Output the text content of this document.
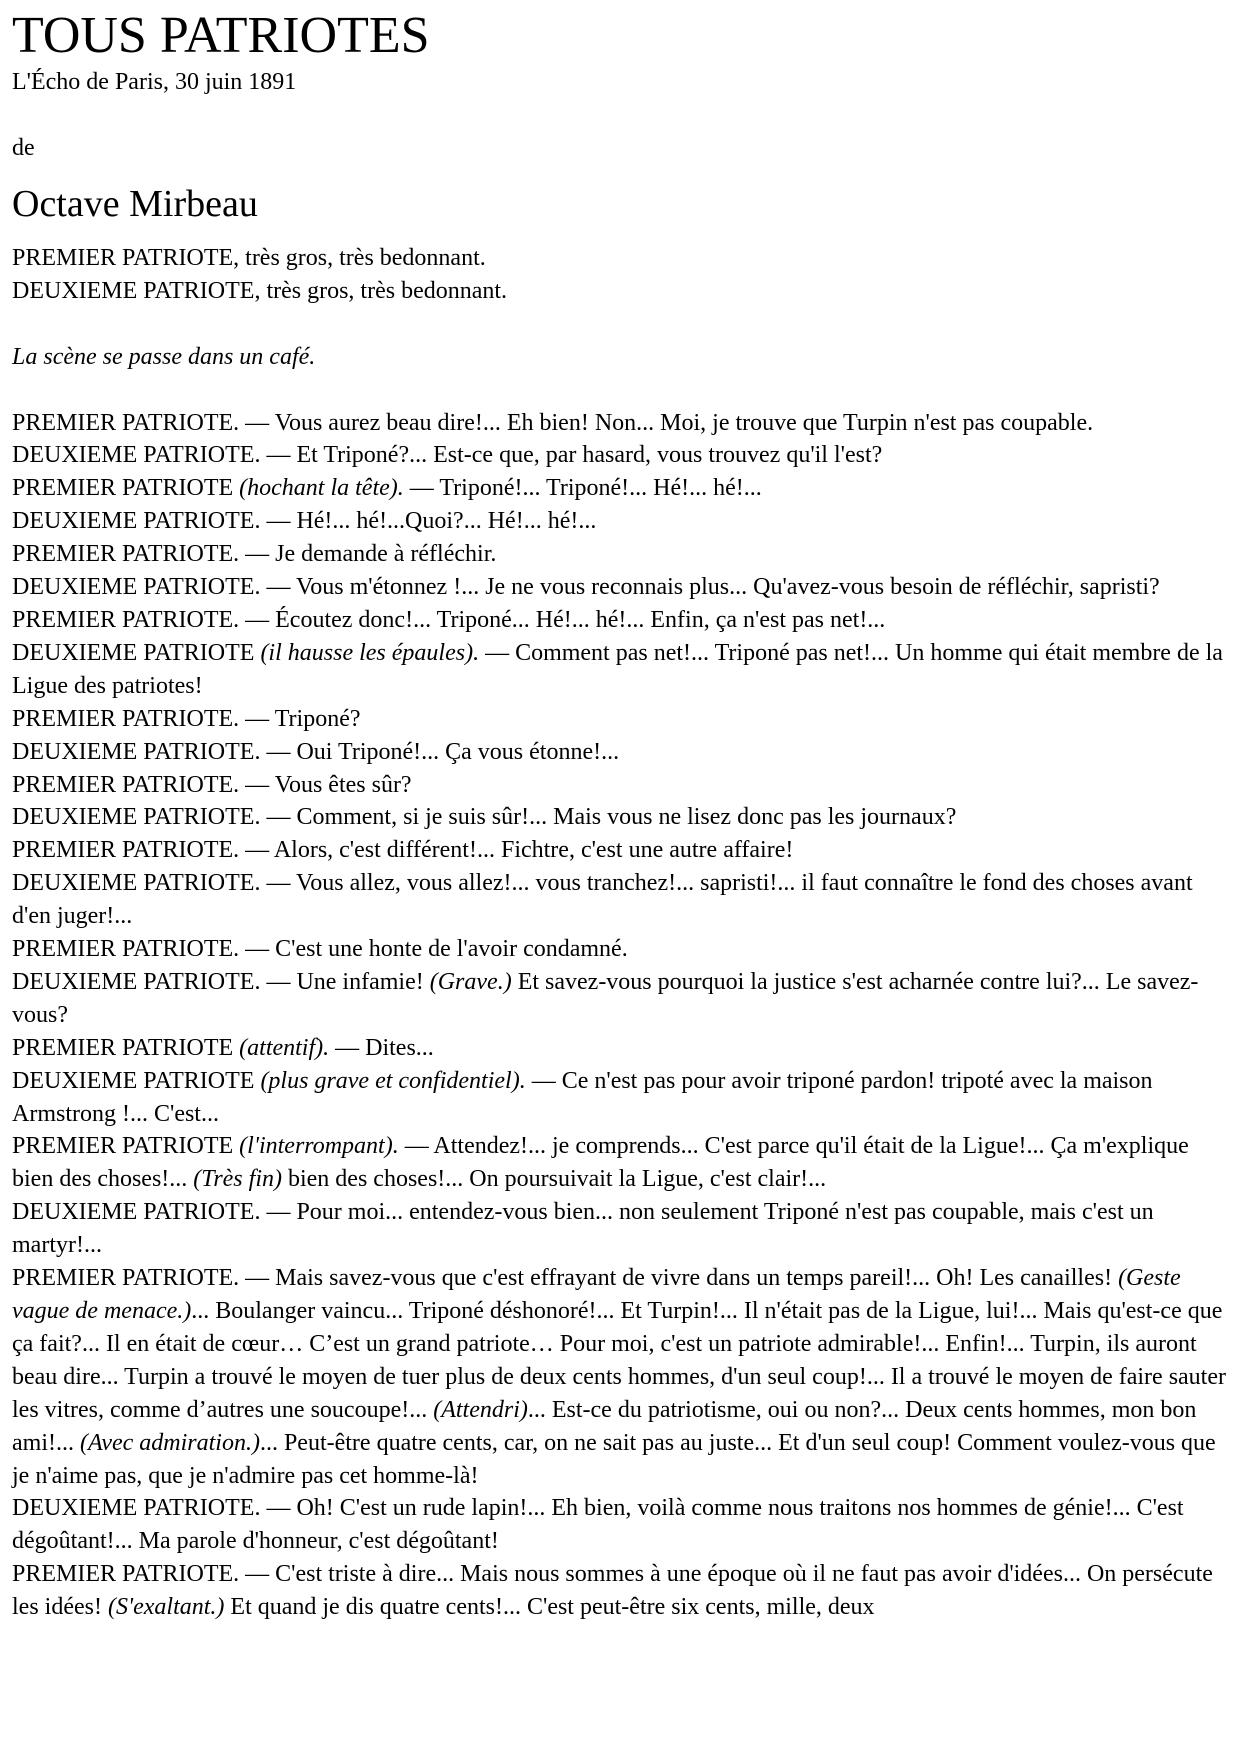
TOUS PATRIOTES
L'Écho de Paris, 30 juin 1891
de
Octave Mirbeau
PREMIER PATRIOTE, très gros, très bedonnant.
DEUXIEME PATRIOTE, très gros, très bedonnant.
La scène se passe dans un café.
PREMIER PATRIOTE. — Vous aurez beau dire!... Eh bien! Non... Moi, je trouve que Turpin n'est pas coupable.
DEUXIEME PATRIOTE. — Et Triponé?... Est-ce que, par hasard, vous trouvez qu'il l'est?
PREMIER PATRIOTE (hochant la tête). — Triponé!... Triponé!... Hé!... hé!...
DEUXIEME PATRIOTE. — Hé!... hé!...Quoi?... Hé!... hé!...
PREMIER PATRIOTE. — Je demande à réfléchir.
DEUXIEME PATRIOTE. — Vous m'étonnez !... Je ne vous reconnais plus... Qu'avez-vous besoin de réfléchir, sapristi?
PREMIER PATRIOTE. — Écoutez donc!... Triponé... Hé!... hé!... Enfin, ça n'est pas net!...
DEUXIEME PATRIOTE (il hausse les épaules). — Comment pas net!... Triponé pas net!... Un homme qui était membre de la Ligue des patriotes!
PREMIER PATRIOTE. — Triponé?
DEUXIEME PATRIOTE. — Oui Triponé!... Ça vous étonne!...
PREMIER PATRIOTE. — Vous êtes sûr?
DEUXIEME PATRIOTE. — Comment, si je suis sûr!... Mais vous ne lisez donc pas les journaux?
PREMIER PATRIOTE. — Alors, c'est différent!... Fichtre, c'est une autre affaire!
DEUXIEME PATRIOTE. — Vous allez, vous allez!... vous tranchez!... sapristi!... il faut connaître le fond des choses avant d'en juger!...
PREMIER PATRIOTE. — C'est une honte de l'avoir condamné.
DEUXIEME PATRIOTE. — Une infamie! (Grave.) Et savez-vous pourquoi la justice s'est acharnée contre lui?... Le savez-vous?
PREMIER PATRIOTE (attentif). — Dites...
DEUXIEME PATRIOTE (plus grave et confidentiel). — Ce n'est pas pour avoir triponé pardon! tripoté avec la maison Armstrong !... C'est...
PREMIER PATRIOTE (l'interrompant). — Attendez!... je comprends... C'est parce qu'il était de la Ligue!... Ça m'explique bien des choses!... (Très fin) bien des choses!... On poursuivait la Ligue, c'est clair!...
DEUXIEME PATRIOTE. — Pour moi... entendez-vous bien... non seulement Triponé n'est pas coupable, mais c'est un martyr!...
PREMIER PATRIOTE. — Mais savez-vous que c'est effrayant de vivre dans un temps pareil!... Oh! Les canailles! (Geste vague de menace.)... Boulanger vaincu... Triponé déshonoré!... Et Turpin!... Il n'était pas de la Ligue, lui!... Mais qu'est-ce que ça fait?... Il en était de cœur… C’est un grand patriote… Pour moi, c'est un patriote admirable!... Enfin!... Turpin, ils auront beau dire... Turpin a trouvé le moyen de tuer plus de deux cents hommes, d'un seul coup!... Il a trouvé le moyen de faire sauter les vitres, comme d’autres une soucoupe!... (Attendri)... Est-ce du patriotisme, oui ou non?... Deux cents hommes, mon bon ami!... (Avec admiration.)... Peut-être quatre cents, car, on ne sait pas au juste... Et d'un seul coup! Comment voulez-vous que je n'aime pas, que je n'admire pas cet homme-là!
DEUXIEME PATRIOTE. — Oh! C'est un rude lapin!... Eh bien, voilà comme nous traitons nos hommes de génie!... C'est dégoûtant!... Ma parole d'honneur, c'est dégoûtant!
PREMIER PATRIOTE. — C'est triste à dire... Mais nous sommes à une époque où il ne faut pas avoir d'idées... On persécute les idées! (S'exaltant.) Et quand je dis quatre cents!... C'est peut-être six cents, mille, deux
